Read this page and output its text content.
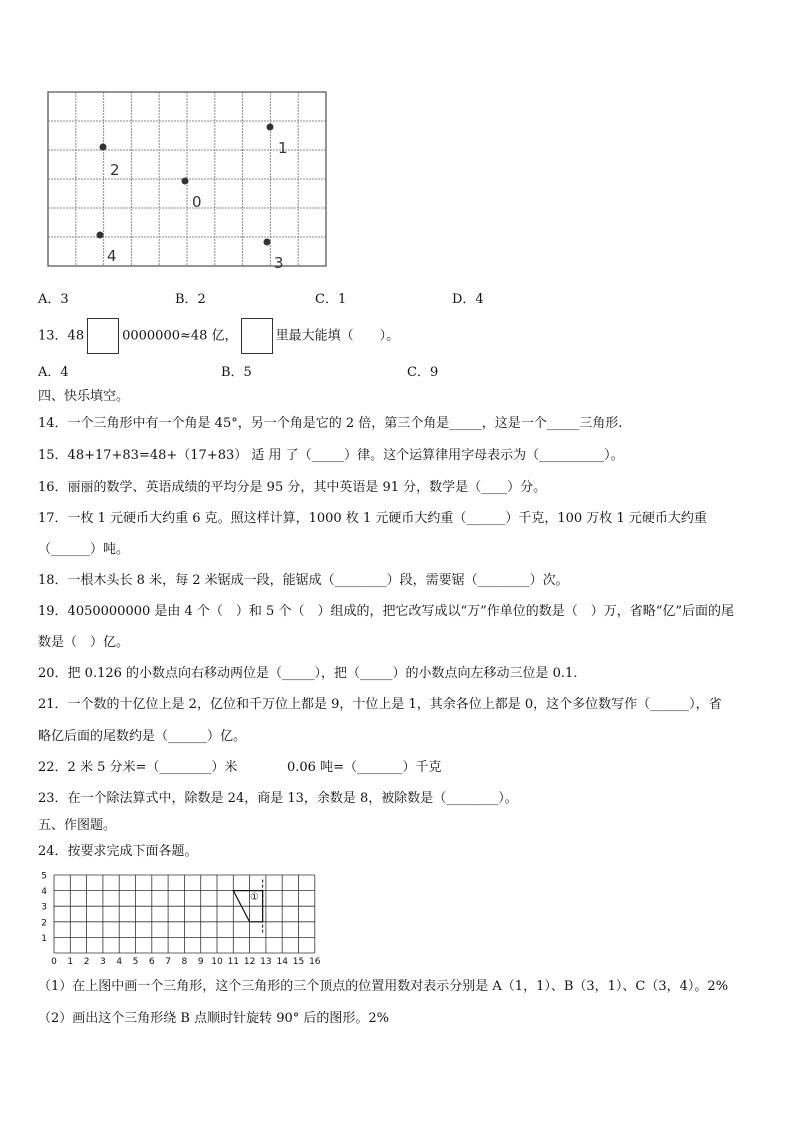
1
2
0
4	3
A．3	B．2	C．1	D．4
13．48	0000000≈48 亿，	里最大能填（　　）。
A．4	B．5	C．9
四、快乐填空。
14．一个三角形中有一个角是 45°，另一个角是它的 2 倍，第三个角是_____，这是一个_____三角形.
15．48+17+83=48+（17+83） 适 用 了（_____）律。这个运算律用字母表示为（__________）。
16．丽丽的数学、英语成绩的平均分是 95 分，其中英语是 91 分，数学是（____）分。
17．一枚 1 元硬币大约重 6 克。照这样计算，1000 枚 1 元硬币大约重（______）千克，100 万枚 1 元硬币大约重
（______）吨。
18．一根木头长 8 米，每 2 米锯成一段，能锯成（________）段，需要锯（________）次。
19．4050000000 是由 4 个（　）和 5 个（　）组成的，把它改写成以“万”作单位的数是（　）万，省略“亿”后面的尾
数是（　）亿。
20．把 0.126 的小数点向右移动两位是（_____），把（_____）的小数点向左移动三位是 0.1.
21．一个数的十亿位上是 2，亿位和千万位上都是 9，十位上是 1，其余各位上都是 0，这个多位数写作（______），省
略亿后面的尾数约是（______）亿。
22．2 米 5 分米=（________）米	0.06 吨=（_______）千克
23．在一个除法算式中，除数是 24，商是 13，余数是 8，被除数是（________）。
五、作图题。
24．按要求完成下面各题。
0 1 2 3 4 5 6 7 8 9 10 11 12 13 14 15 16
5
4
3
2
1
①
（1）在上图中画一个三角形，这个三角形的三个顶点的位置用数对表示分别是 A（1，1）、B（3，1）、C（3，4）。2%
（2）画出这个三角形绕 B 点顺时针旋转 90° 后的图形。2%
